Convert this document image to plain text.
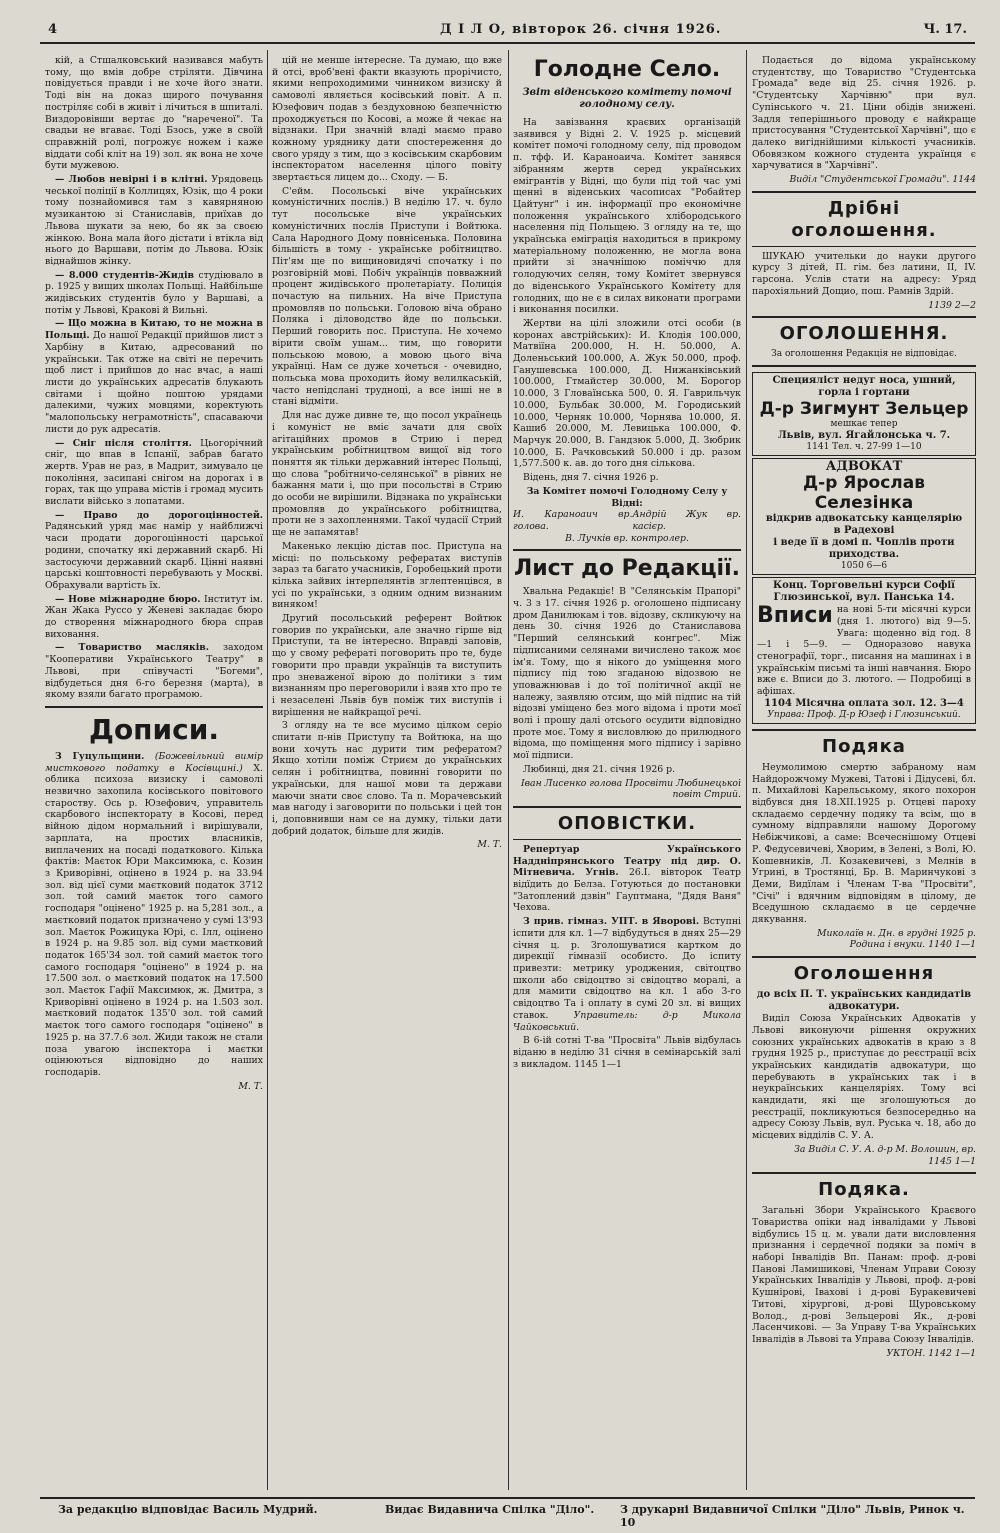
4	Д І Л О, вівторок 26. січня 1926.	Ч. 17.

кій, а Стшалковський називався мабуть тому, що вмів добре стріляти. Дівчина повідується правди і не хоче його знати. Тоді він на доказ щирого почування постріляє собі в живіт і лічиться в шпиталі. Виздоровівши вертає до "нареченої". Та свадьи не вгаває. Тоді Бзось, уже в своїй справжній ролі, погрожує ножем і каже віддати собі кліт на 19) зол. як вона не хоче бути мужевою.

— Любов невірні і в клітні. Урядовець чеської поліції в Коллицях, Юзік, що 4 роки тому познайомився там з кавярняною музикантою зі Станиславів, приїхав до Львова шукати за нею, бо як за своєю жінкою. Вона мала його дістати і втікла від нього до Варшави, потім до Львова. Юзік віднайшов жінку.

— 8.000 студентів-Жидів студіювало в р. 1925 у вищих школах Польщі. Найбільше жидівських студентів було у Варшаві, а потім у Львові, Кракові й Вильні.

— Що можна в Китаю, то не можна в Польщі. До нашої Редакції прийшов лист з Харбіну в Китаю, адресований по українськи. Так отже на світі не перечить щоб лист і прийшов до нас вчас, а наші листи до українських адресатів блукають світами і щойно поштою урядами далекими, чужих мовцями, коректують "малопольську неграмотність", спасаваючи листи до рук адресатів.

— Сніг після століття. Цьогорічний сніг, що впав в Іспанії, забрав багато жертв. Урав не раз, в Мадрит, зимувало це покоління, засипані снігом на дорогах і в горах, так що управа містів і громад мусить вислати військо з лопатами.

— Право до дорогоцінностей. Радянський уряд має намір у найближчі часи продати дорогоцінності царської родини, спочатку які державний скарб. Ні застосуючи державний скарб. Цінні наявні царські коштовності перебувають у Москві. Обрахували вартість їх.

— Нове міжнародне бюро. Інститут ім. Жан Жака Руссо у Женеві закладає бюро до створення міжнародного бюра справ виховання.

— Товариство масляків. заходом "Кооперативи Українського Театру" в Львові, при співучасті "Богеми", відбудеться дня 6-го березня (марта), в якому взяли багато програмою.

Дописи.

З Гуцульщини. (Божевільний вимір мисткового податку в Косівщині.) Х. облика психоза визиску і самоволі незвично захопила косівського повітового староству. Ось р. Юзефович, управитель скарбового інспекторату в Косові, перед війною дідом нормальний і вирішували, зарплата, на простих власників, виплачених на посаді податкового. Кілька фактів: Маєток Юри Максимюка, с. Козин з Криворівні, оцінено в 1924 р. на 33.94 зол. від цієї суми маєтковий податок 3712 зол. той самий маєток того самого господаря "оцінено" 1925 р. на 5,281 зол., а маєтковий податок призначено у сумі 13'93 зол. Маєток Рожицука Юрі, с. Ілл, оцінено в 1924 р. на 9.85 зол. від суми маєтковий податок 165'34 зол. той самий маєток того самого господаря "оцінено" в 1924 р. на 17.500 зол. о маєтковий податок на 17.500 зол. Маєток Гафії Максимюк, ж. Дмитра, з Криворівні оцінено в 1924 р. на 1.503 зол. маєтковий податок 135'0 зол. той самий маєток того самого господаря "оцінено" в 1925 р. на 37.7.6 зол. Жиди також не стали поза увагою інспектора і маєтки оцінюються відповідно до наших господарів.

М. Т.

цій не менше інтересне. Та думаю, що вже й отсі, вроб'вені факти вказують прорічисто, якими непроходимими чинником визиску й самоволі являється косівський повіт. А п. Юзефович подав з бездуховною безпечністю проходжується по Косові, а може й чекає на відзнаки. При значній владі маємо право кожному уряднику дати спостереження до свого уряду з тим, що з косівським скарбовим інспекторатом населення цілого повіту звертається лицем до... Сходу. — Б.

С'ейм. Посольські віче українських комуністичних послів.) В неділю 17. ч. було тут посольське віче українських комуністичних послів Приступи і Войтюка. Сала Народного Дому повнісенька. Половина більшість в тому - українське робітництво. Піт'ям ще по вищиновидячі спочатку і по розговірній мові. Побіч українців повважний процент жидівського пролетаріату. Полиція почастую на пильних. На віче Приступа промовляв по польськи. Головою віча обрано Поляка і діловодство йде по польськи. Перший говорить пос. Приступа. Не хочемо вірити своїм ушам... тим, що говорити польською мовою, а мовою цього віча українці. Нам се дуже хочеться - очевидно, польська мова проходить йому велилкаській, часто непідслані трудноці, а все інші не в стані відміти.

Для нас дуже дивне те, що посол українець і комуніст не вміє зачати для своїх агітаційних промов в Стрию і перед українським робітництвом вищої від того поняття як тільки державний інтерес Польщі, що слова "робітничо-селянської" в рівних не бажання мати і, що при посольстві в Стрию до особи не вирішили. Відзнака по українськи промовляв до українського робітництва, проти не з захопленнями. Такої чудасії Стрий ще не запамятав!

Макенько лекцію дістав пос. Приступа на місці: по польському рефератах виступів зараз та багато учасників, Горобецький проти кілька зайвих інтерпелянтів зглептенцівся, в усі по українськи, з одним одним визнаним виняком!

Другий посольський референт Войтюк говорив по українськи, але значно гірше від Приступи, та не інтересно. Вправді заповів, що у свому рефераті поговорить про те, буде говорити про правди українців та виступить про зневаженої вірою до політики з тим визнанням про переговорили і взяв хто про те і незаселені Львів був поміж тих виступів і вирішення не найкращої речі.

З огляду на те все мусимо цілком серіо спитати п-нів Приступу та Войтюка, на що вони хочуть нас дурити тим рефератом? Якщо хотіли поміж Стриєм до українських селян і робітництва, повинні говорити по українськи, для нашої мови та держави маючи знати своє слово. Та п. Морачевський мав нагоду і заговорити по польськи і цей тон і, доповнивши нам се на думку, тільки дати добрий додаток, більше для жидів.

М. Т.
Голодне Село.
Звіт віденського комітету помочі голодному селу.

На завізвання краєвих організацій заявився у Відні 2. V. 1925 р. місцевий комітет помочі голодному селу, під проводом п. тфф. И. Караноаича. Комітет занявся зібранням жертв серед українських емігрантів у Відні, що були під той час умі щенні в віденських часописах "Робайтер Цайтунґ" і ин. інформації про економічне положення українського хлібородського населення під Польщею. З огляду на те, що українська еміграція находиться в прикрому матеріальному положенню, не могла вона прийти зі значнішою поміччю для голодуючих селян, тому Комітет звернувся до віденського Українського Комітету для голодних, що не є в силах виконати програми і виконання посилки.

Жертви на цілі зложили отсі особи (в коронах австрійських): И. Клодія 100.000, Матвіїна 200.000, Н. Н. 50.000, А. Доленьський 100.000, А. Жук 50.000, проф. Ганушевська 100.000, Д. Нижанківський 100.000, Гтмайстер 30.000, М. Борогор 10.000, З Гловаїнська 500, 0. Я. Гаврильчук 10.000, Бульбак 30.000, М. Городиський 10.000, Черняк 10.000, Чорнява 10.000, Я. Кашиб 20.000, М. Левицька 100.000, Ф. Марчук 20.000, В. Гандзюк 5.000, Д. Зюбрик 10.000, Б. Рачковський 50.000 і др. разом 1,577.500 к. ав. до того дня сількова.

Відень, дня 7. січня 1926 р.

За Комітет помочі Голодному Селу у Відні:
И. Караноаич вр. голова.
Андрій Жук вр. касієр.
В. Лучків вр. контролер.
Лист до Редакції.

Хвальна Редакціє! В "Селянськім Прапорі" ч. 3 з 17. січня 1926 р. оголошено підписану дром Данилюкам і тов. відозву, скликуючу на день 30. січня 1926 до Станиславова "Перший селянський конгрес". Між підписаними селянами вичислено також моє ім'я. Тому, що я нікого до уміщення мого підпису під тою згаданою відозвою не уповажнював і до тої політичної акції не належу, заявляю отсим, що мій підпис на тій відозві уміщено без мого відома і проти моєї волі і прошу далі отсього осудити відповідно проте моє. Тому я висловлюю до прилюдного відома, що поміщення мого підпису і зарівно мої підписи.

Любинці, дня 21. січня 1926 р.

Іван Лисенко голова Просвіти Любинецької повіт Стрий.
ОПОВІСТКИ.

Репертуар Українського Наддніпрянського Театру під дир. О. Мітневича. Угнів. 26.І. вівторок Театр відїдить до Белза. Готуються до постановки "Затоплений дзвін" Гауптмана, "Дядя Ваня" Чехова.

З прив. гімназ. УПТ. в Яворові. Вступні іспити для кл. 1—7 відбудуться в днях 25—29 січня ц. р. Зголошуватися картком до дирекції гімназії особисто. До іспиту привезти: метрику уроджения, світоцтво школи або свідоцтво зі свідоцтво моралі, а для мамити свідоцтво на кл. 1 або 3-го свідоцтво Та і оплату в сумі 20 зл. ві вищих ставок.	Управитель: д-р Микола Чайковський.

В 6-ій сотні Т-ва "Проcвіта" Львів відбулась віданю в неділю 31 січня в семінарській залі з викладом. 1145 1—1

Подається до відома українському студентству, що Товариство "Студентська Громада" веде від 25. січня 1926. р. "Студентську Харчівню" при вул. Супінського ч. 21. Ціни обідів знижені. Задля теперішнього проводу є найкраще пристосування "Студентської Харчівні", що є далеко вигіднійшими кількості учасників. Обовязком кожного студента українця є харчуватися в "Харчівні".

Виділ "Студентської Громади". 1144
Дрібні оголошення.

ШУКАЮ учительки до науки другого курсу 3 дітей, П. гім. без латини, II, IV. гарсона. Услів стати на адресу: Уряд парохіяльний Дощио, пош. Рамнів Здрій.

1139 2—2
ОГОЛОШЕННЯ.
За оголошення Редакція не відповідає.
Специяліст недуг носа, ушний, горла і гортани
Д-р Зигмунт Зельцер
мешкає тепер
Львів, вул. Ягайлонська ч. 7.
1141 Тел. ч. 27-99 1—10
АДВОКАТ
Д-р Ярослав Селезінка
відкрив адвокатську канцелярію
в Радехові
і веде її в домі п. Чоплів проти приходства.
1050 6—6
Конц. Торговельні курси Софії Глюзинської, вул. Панська 14.
Вписи на нові 5-ти місячні курси (дня 1. лютого) від 9—5. Увага: щоденно від год. 8—1 і 5—9. — Одноразово навука стенографії, торг., писання на машинах і в українськім письмі та інші навчання. Бюро вже є. Вписи до 3. лютого. — Подробиці в афішах.
1104 Місячна оплата зол. 12. 3—4
Управа: Проф. Д-р Юзеф і Глюзинський.
Подяка

Неумолимою смертю забраному нам Найдорожчому Мужеві, Татові і Дідусеві, бл. п. Михайлові Карельському, якого похорон відбувся дня 18.XII.1925 р. Отцеві пароху складаємо сердечну подяку та всім, що в сумному відправляли нашому Дорогому Небіжчикові, а саме: Всечеснішому Отцеві Р. Федусевичеві, Хворим, в Зелені, з Волі, Ю. Кошевників, Л. Козакевичеві, з Мелнів в Угрині, в Тростянці, Бр. В. Маринчукові з Деми, Видїлам і Членам Т-ва "Просвіти", "Січі" і вдячним відповідям в цілому, де Вседушною складаємо в це сердечне дякування.

Миколаїв н. Дн. в грудні 1925 р.
Родина і внуки. 1140 1—1
Оголошення
до всіх П. Т. українських кандидатів адвокатури.

Виділ Союза Українських Адвокатів у Львові виконуючи рішення окружних союзних українських адвокатів в краю з 8 грудня 1925 р., приступає до реєстрації всіх українських кандидатів адвокатури, що перебувають в українських так і в неукраїнських канцеляріях. Тому всі кандидати, які ще зголошуються до реєстрації, покликуються безпосередньо на адресу Союзу Львів, вул. Руська ч. 18, або до місцевих відділів С. У. А.

За Виділ С. У. А. д-р М. Волошин, вр.
1145 1—1
Подяка.

Загальні Збори Українського Краєвого Товариства опіки над інвалідами у Львові відбулись 15 ц. м. ували дати висловлення признання і сердечної подяки за поміч в наборі Інвалідів Вп. Панам: проф. д-рові Панові Ламишикові, Членам Управи Союзу Українських Інвалідів у Львові, проф. д-рові Кушнірові, Івахові і д-рові Буракевичеві Титові, хірургові, д-рові Щуровському Волод., д-рові Зельцерові Як., д-рові Ласенчикові. — За Управу Т-ва Українських Інвалідів в Львові та Управа Союзу Інвалідів.

УКТОН. 1142 1—1
За редакцію відповідає Василь Мудрий.	Видає Видавнича Спілка "Діло". З друкарні Видавничої Спілки "Діло" Львів, Ринок ч. 10
